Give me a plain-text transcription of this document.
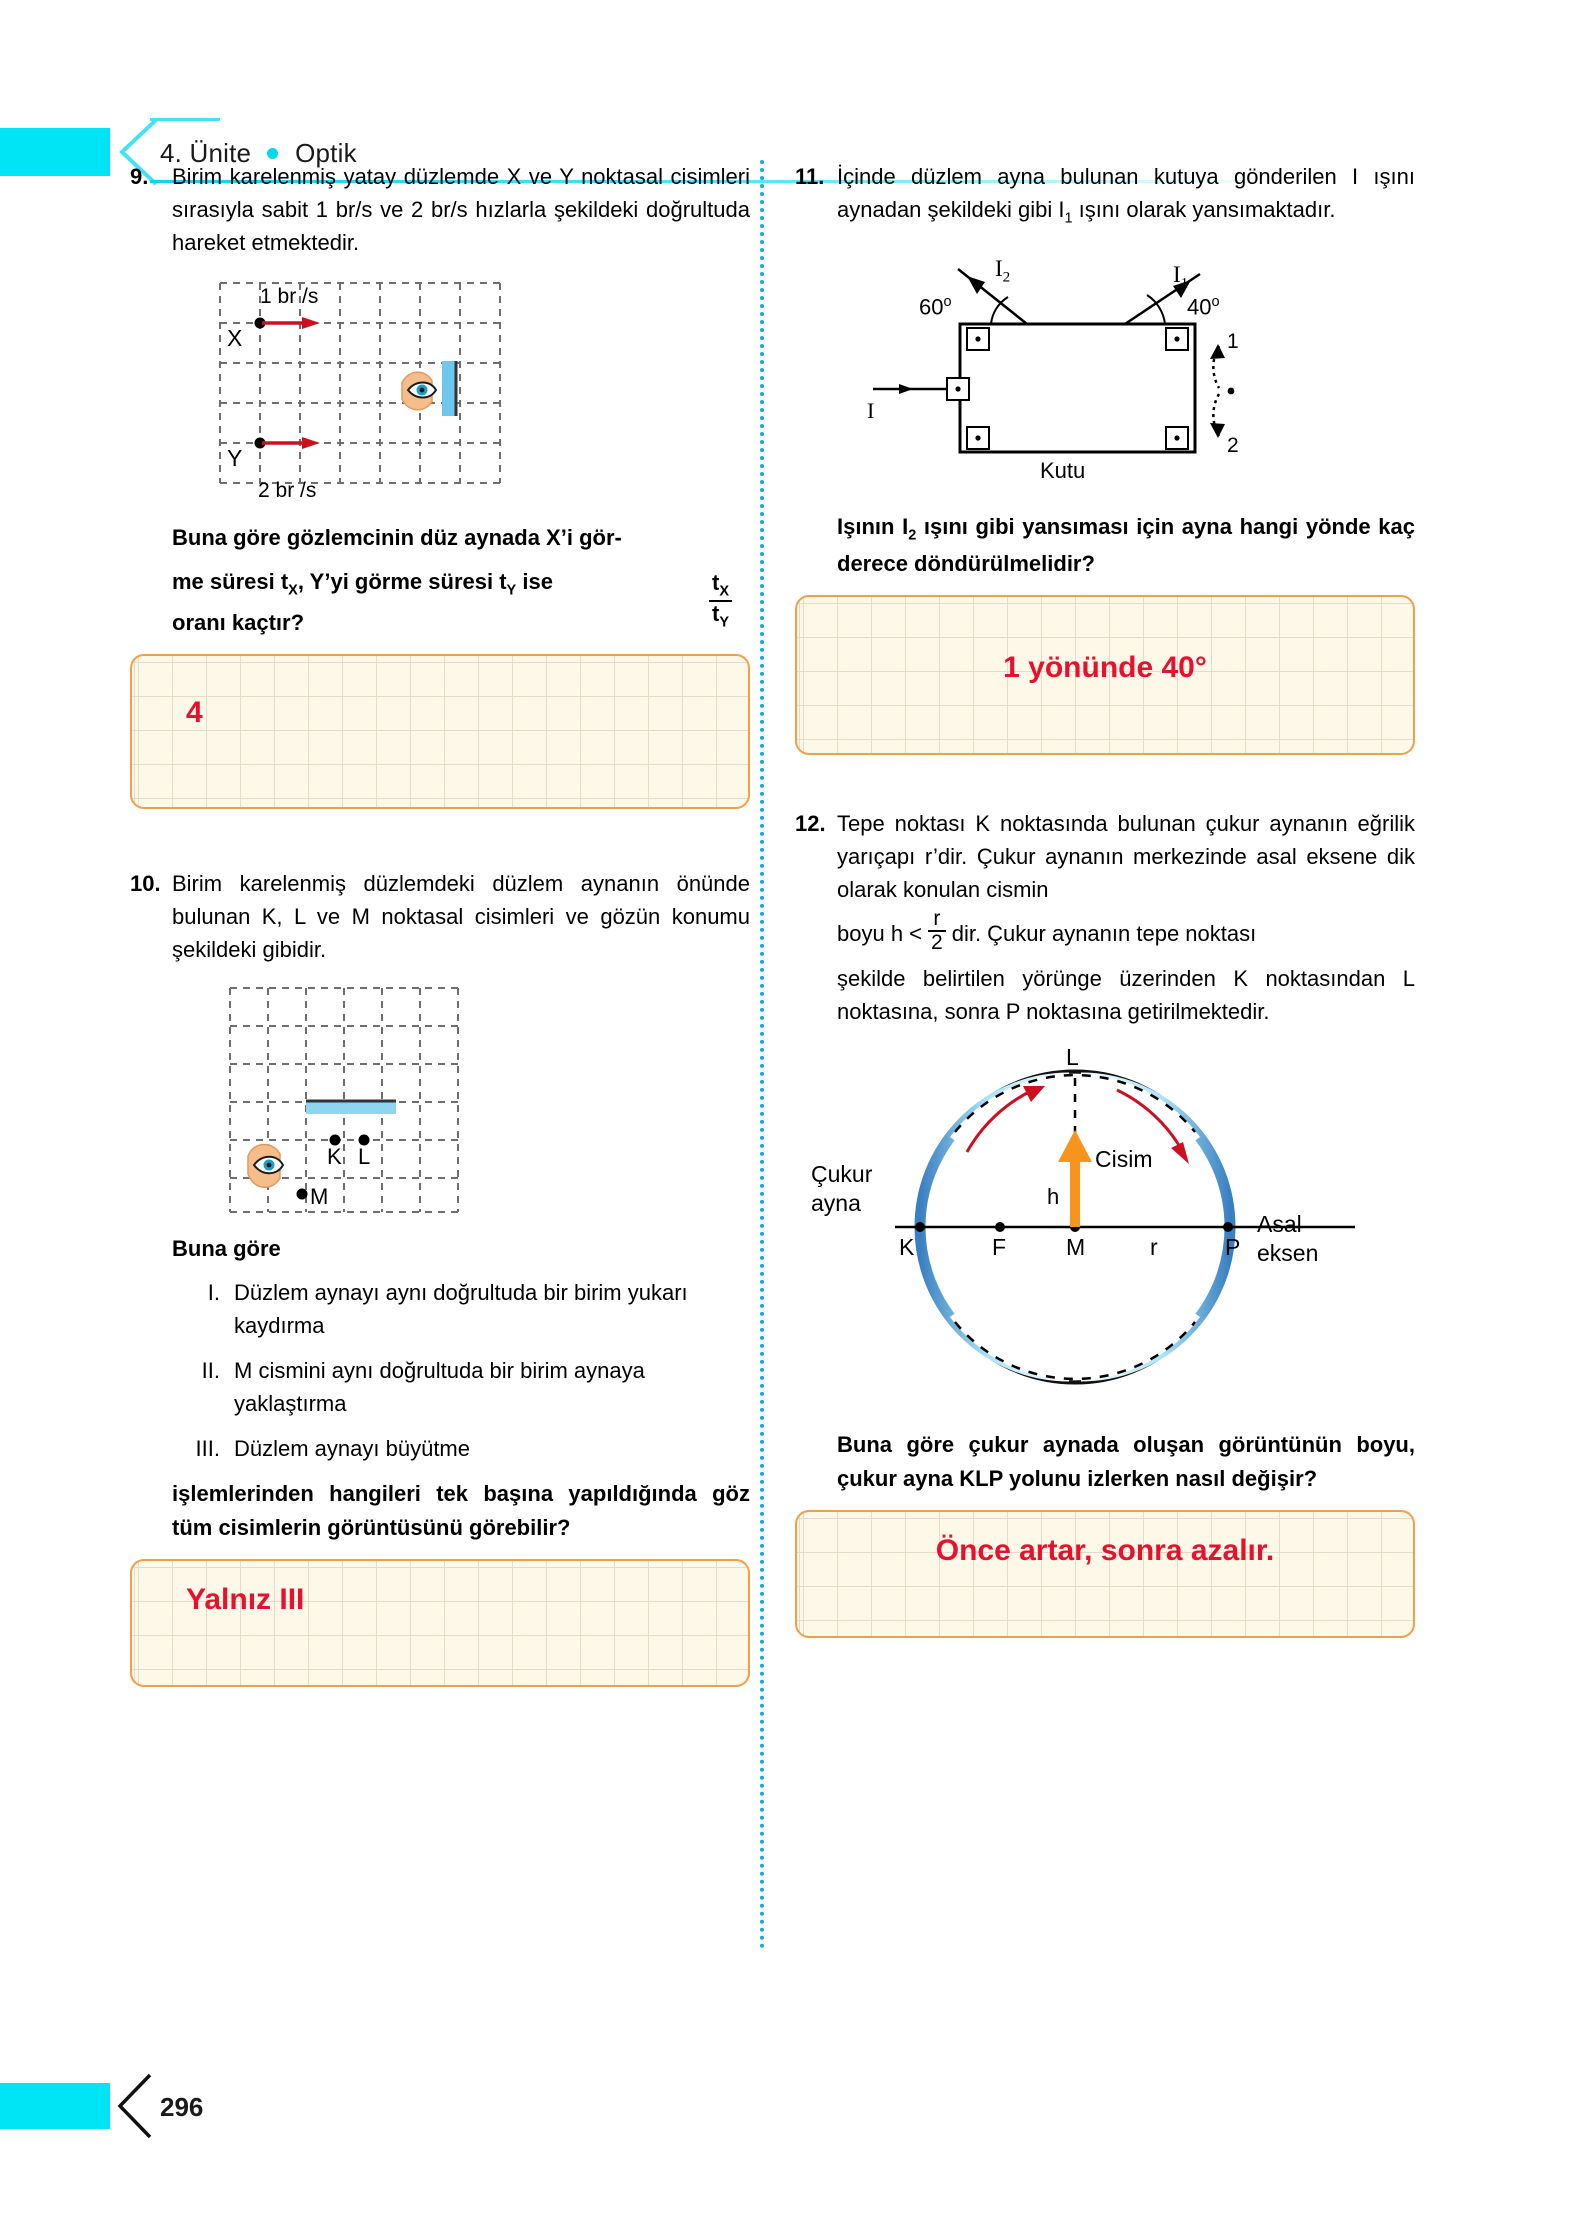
4. Ünite Optik
9.	Birim karelenmiş yatay düzlemde X ve Y noktasal cisimleri sırasıyla sabit 1 br/s ve 2 br/s hızlarla şekildeki doğrultuda hareket etmektedir.

1 br /s
X
Y
2 br /s
Buna göre gözlemcinin düz aynada X’i gör-
me süresi $t_X$, Y’yi görme süresi $t_Y$ ise
oranı kaçtır?	$\frac{t_X}{t_Y}$
4
10. Birim karelenmiş düzlemdeki düzlem aynanın önünde bulunan K, L ve M noktasal cisimleri ve gözün konumu şekildeki gibidir.

K L
M
Buna göre
I. Düzlem aynayı aynı doğrultuda bir birim yukarı kaydırma
II. M cismini aynı doğrultuda bir birim aynaya yaklaştırma
III. Düzlem aynayı büyütme
işlemlerinden hangileri tek başına yapıldığında göz tüm cisimlerin görüntüsünü görebilir?
Yalnız III
11. İçinde düzlem ayna bulunan kutuya gönderilen I ışını aynadan şekildeki gibi $I_1$ ışını olarak yansımaktadır.

$I_2$	$I_1$
60$^o$	40$^o$
I
1
2
Kutu
Işının $I_2$ ışını gibi yansıması için ayna hangi yönde kaç derece döndürülmelidir?
1 yönünde 40°
12. Tepe noktası K noktasında bulunan çukur aynanın eğrilik yarıçapı r’dir. Çukur aynanın merkezinde asal eksene dik olarak konulan cismin

boyu $h < \frac{r}{2}$ dir. Çukur aynanın tepe noktası

şekilde belirtilen yörünge üzerinden K noktasından L noktasına, sonra P noktasına getirilmektedir.

L
Çukur
ayna
Cisim
h
K	F	M	r	P
Asal
eksen
Buna göre çukur aynada oluşan görüntünün boyu, çukur ayna KLP yolunu izlerken nasıl değişir?
Önce artar, sonra azalır.
296
